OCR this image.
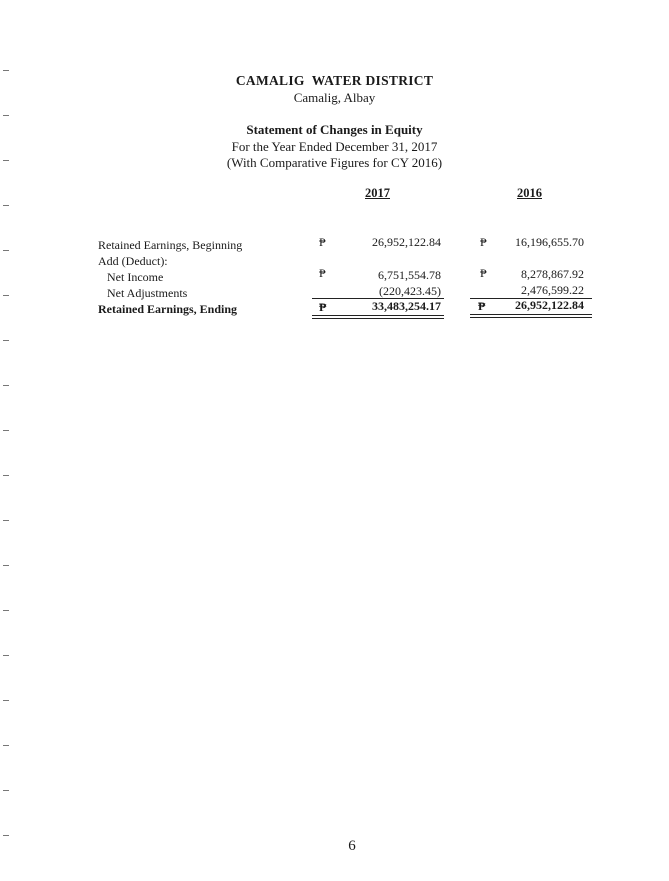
CAMALIG  WATER DISTRICT
Camalig, Albay
Statement of Changes in Equity
For the Year Ended December 31, 2017
(With Comparative Figures for CY 2016)
2017	2016
Retained Earnings, Beginning	₱	26,952,122.84	₱ 16,196,655.70
Add (Deduct):
Net Income	₱	6,751,554.78	₱	8,278,867.92
Net Adjustments	(220,423.45)	2,476,599.22
Retained Earnings, Ending	₱	33,483,254.17	₱ 26,952,122.84
6
